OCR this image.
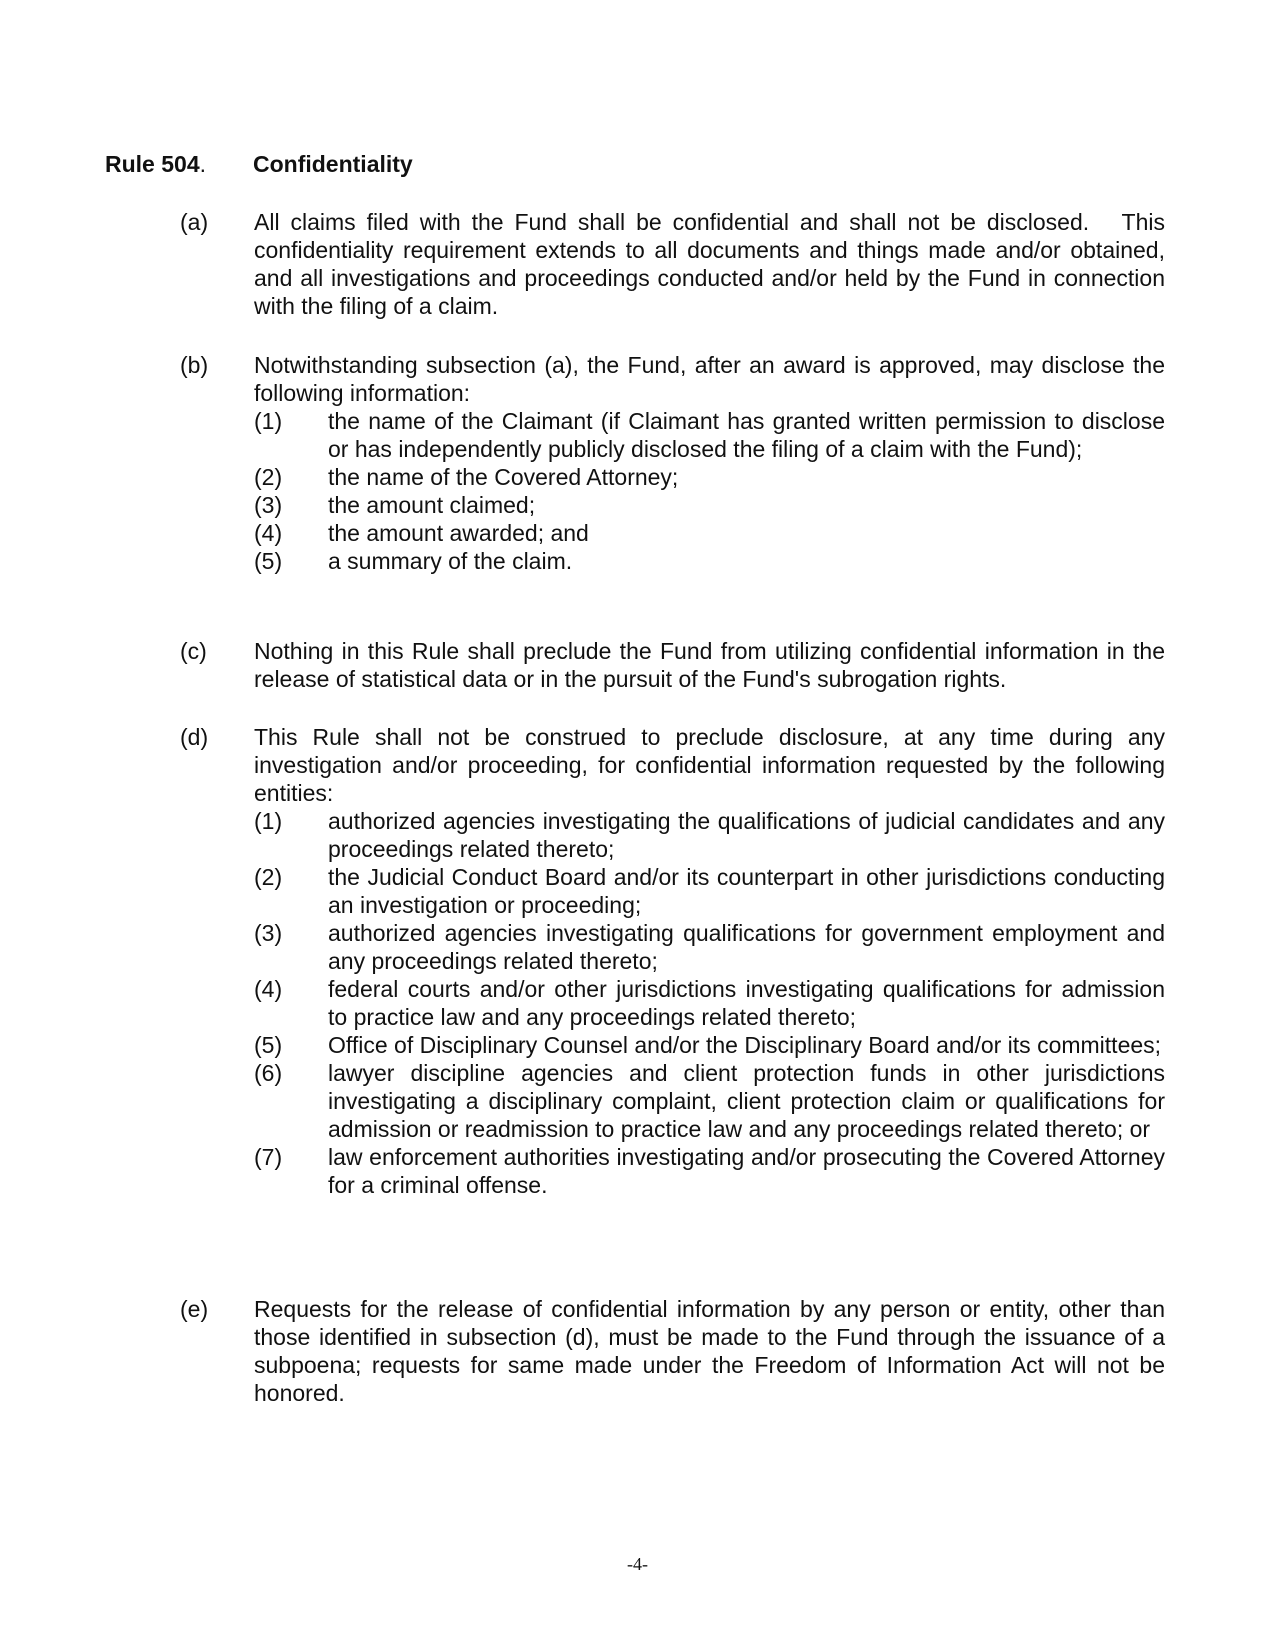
Rule 504. Confidentiality
(a) All claims filed with the Fund shall be confidential and shall not be disclosed.   This confidentiality requirement extends to all documents and things made and/or obtained, and all investigations and proceedings conducted and/or held by the Fund in connection with the filing of a claim.

(b) Notwithstanding subsection (a), the Fund, after an award is approved, may disclose the following information:

(1)	the name of the Claimant (if Claimant has granted written permission to disclose or has independently publicly disclosed the filing of a claim with the Fund);
(2)	the name of the Covered Attorney;
(3)	the amount claimed;
(4)	the amount awarded; and
(5)	a summary of the claim.
(c) Nothing in this Rule shall preclude the Fund from utilizing confidential information in the release of statistical data or in the pursuit of the Fund's subrogation rights.

(d) This Rule shall not be construed to preclude disclosure, at any time during any investigation and/or proceeding, for confidential information requested by the following entities:

(1)	authorized agencies investigating the qualifications of judicial candidates and any proceedings related thereto;
(2)	the Judicial Conduct Board and/or its counterpart in other jurisdictions conducting an investigation or proceeding;
(3)	authorized agencies investigating qualifications for government employment and any proceedings related thereto;
(4)	federal courts and/or other jurisdictions investigating qualifications for admission to practice law and any proceedings related thereto;
(5)	Office of Disciplinary Counsel and/or the Disciplinary Board and/or its committees;
(6)	lawyer discipline agencies and client protection funds in other jurisdictions investigating a disciplinary complaint, client protection claim or qualifications for admission or readmission to practice law and any proceedings related thereto; or
(7)	law enforcement authorities investigating and/or prosecuting the Covered Attorney for a criminal offense.
(e) Requests for the release of confidential information by any person or entity, other than those identified in subsection (d), must be made to the Fund through the issuance of a subpoena; requests for same made under the Freedom of Information Act will not be honored.

-4-
